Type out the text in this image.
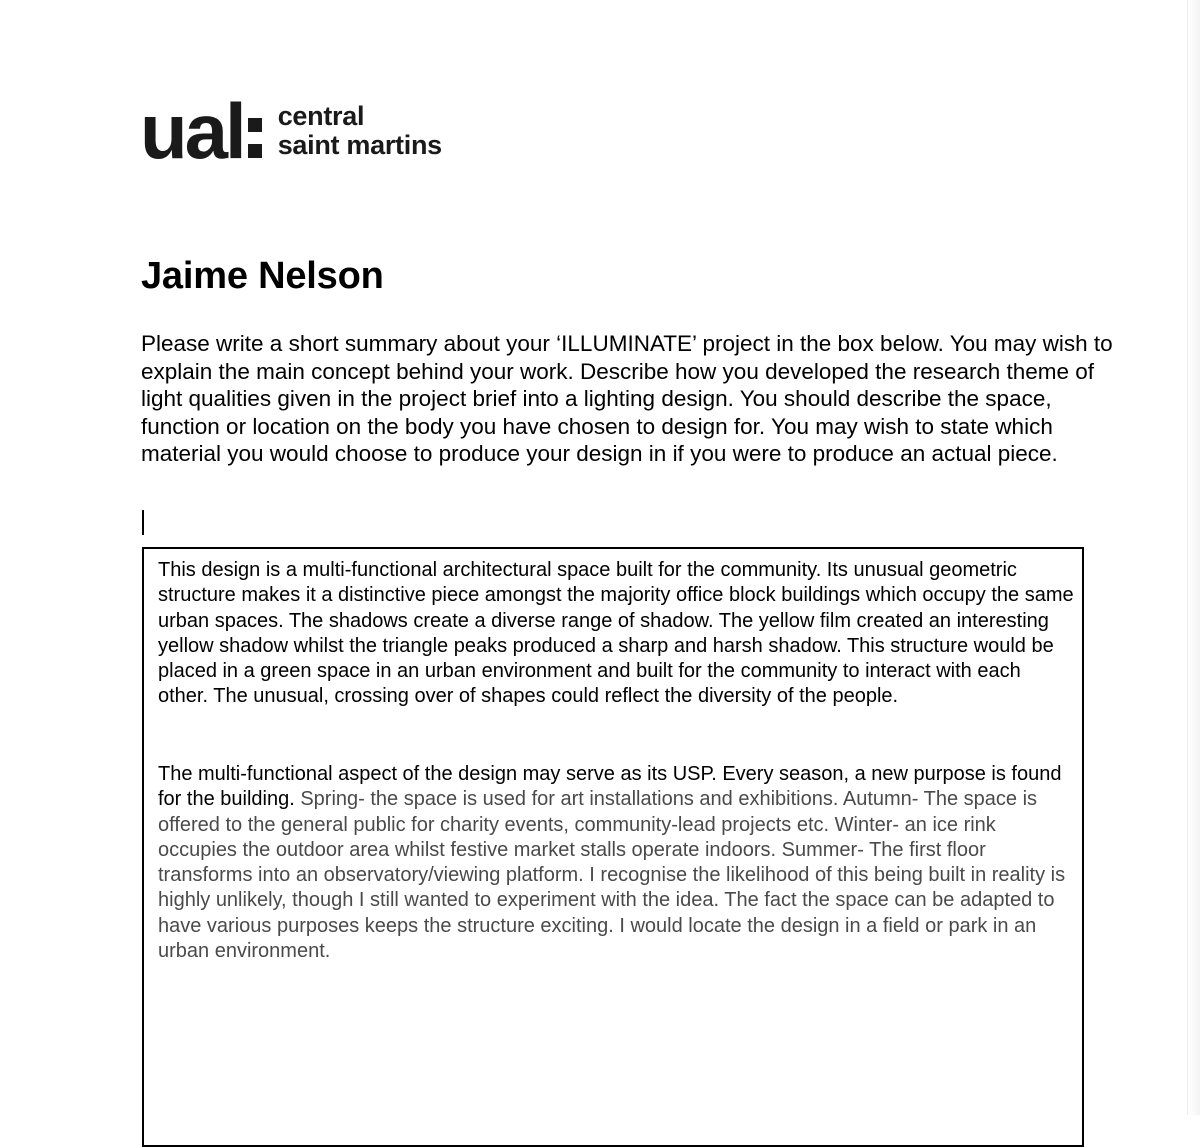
ual central
saint martins
Jaime Nelson

Please write a short summary about your ‘ILLUMINATE’ project in the box below. You may wish to explain the main concept behind your work. Describe how you developed the research theme of light qualities given in the project brief into a lighting design. You should describe the space, function or location on the body you have chosen to design for. You may wish to state which material you would choose to produce your design in if you were to produce an actual piece.

This design is a multi-functional architectural space built for the community. Its unusual geometric structure makes it a distinctive piece amongst the majority office block buildings which occupy the same urban spaces. The shadows create a diverse range of shadow. The yellow film created an interesting yellow shadow whilst the triangle peaks produced a sharp and harsh shadow. This structure would be placed in a green space in an urban environment and built for the community to interact with each other. The unusual, crossing over of shapes could reflect the diversity of the people.

The multi-functional aspect of the design may serve as its USP. Every season, a new purpose is found for the building. Spring- the space is used for art installations and exhibitions. Autumn- The space is offered to the general public for charity events, community-lead projects etc. Winter- an ice rink occupies the outdoor area whilst festive market stalls operate indoors. Summer- The first floor transforms into an observatory/viewing platform. I recognise the likelihood of this being built in reality is highly unlikely, though I still wanted to experiment with the idea. The fact the space can be adapted to have various purposes keeps the structure exciting. I would locate the design in a field or park in an urban environment.
